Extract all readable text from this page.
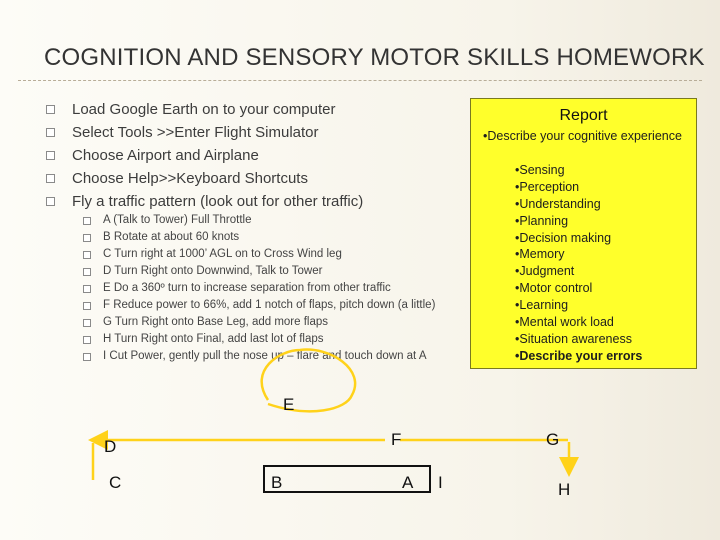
COGNITION AND SENSORY MOTOR SKILLS HOMEWORK
Load Google Earth on to your computer
Select Tools >>Enter Flight Simulator
Choose Airport and Airplane
Choose Help>>Keyboard Shortcuts
Fly a traffic pattern (look out for other traffic)
A (Talk to Tower) Full Throttle
B Rotate at about 60 knots
C Turn right at 1000’ AGL on to Cross Wind leg
D Turn Right onto Downwind, Talk to Tower
E Do a 360º turn to increase separation from other traffic
F Reduce power to 66%, add 1 notch of flaps, pitch down (a little)
G Turn Right onto Base Leg, add more flaps
H Turn Right onto Final, add last lot of flaps
I Cut Power, gently pull the nose up – flare and touch down at A
Report
•Describe your cognitive experience
•Sensing
•Perception
•Understanding
•Planning
•Decision making
•Memory
•Judgment
•Motor control
•Learning
•Mental work load
•Situation awareness
•Describe your errors
E
F	G
D
C	B	A I	H
